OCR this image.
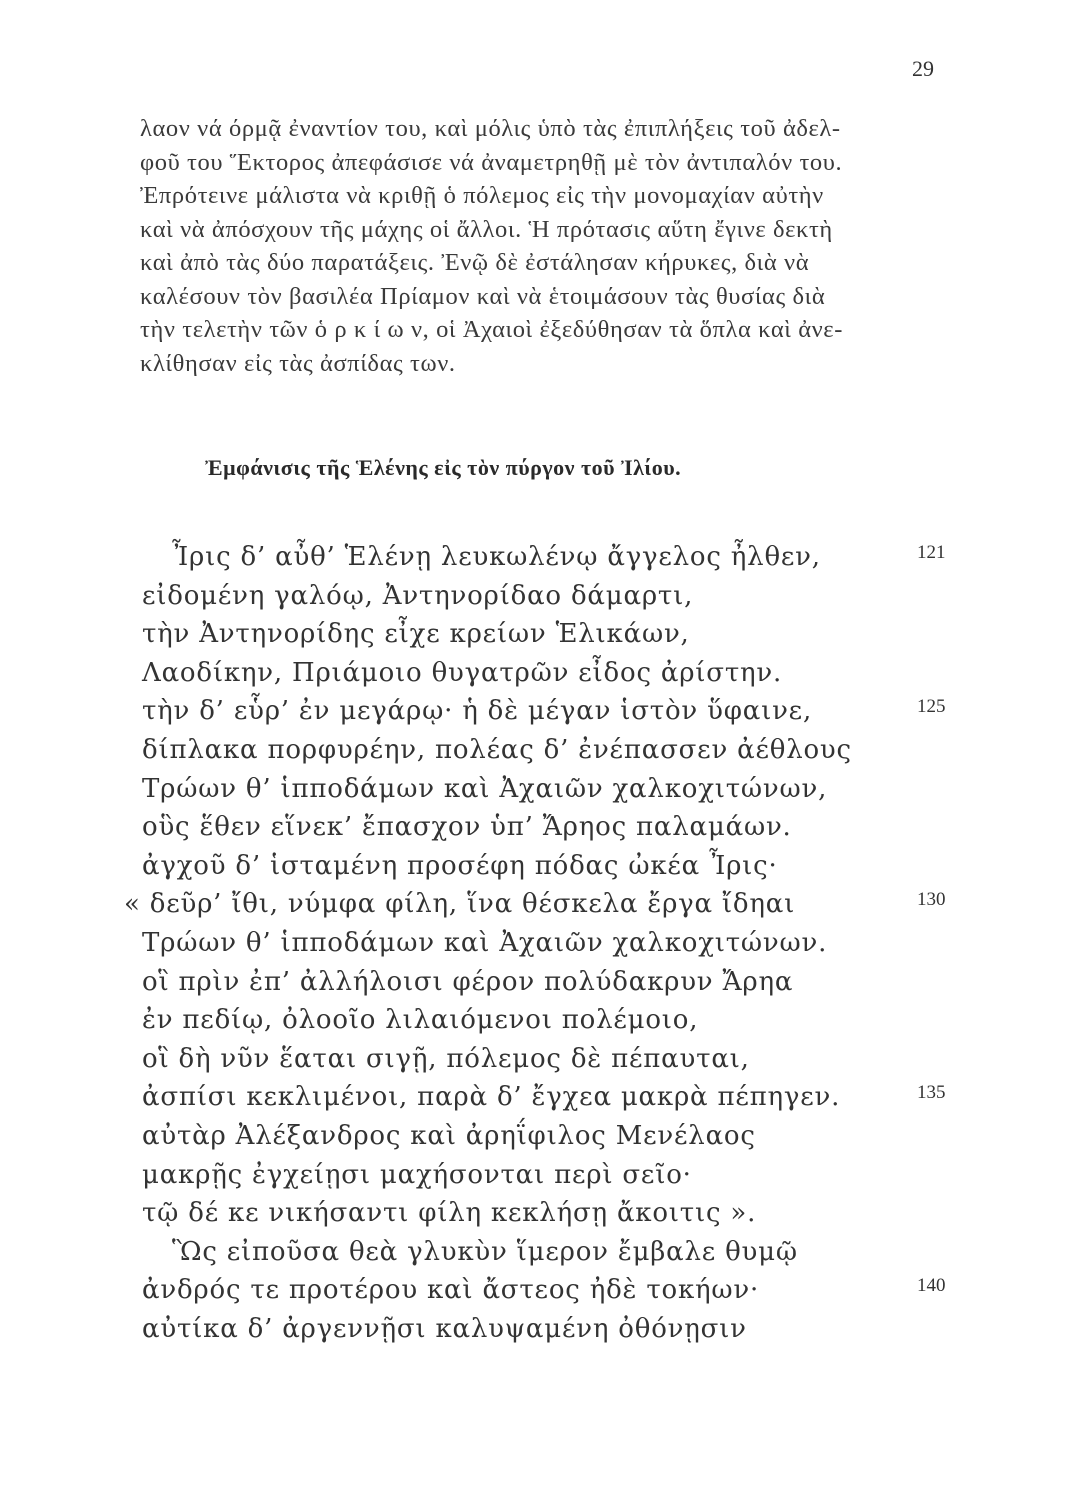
29
λαον νά όρμᾷ ἐναντίον του, καὶ μόλις ὑπὸ τὰς ἐπιπλήξεις τοῦ ἀδελ-
φοῦ του Ἕκτορος ἀπεφάσισε νά ἀναμετρηθῇ μὲ τὸν ἀντιπαλόν του.
Ἐπρότεινε μάλιστα νὰ κριθῇ ὁ πόλεμος εἰς τὴν μονομαχίαν αὐτὴν
καὶ νὰ ἀπόσχουν τῆς μάχης οἱ ἄλλοι. Ἡ πρότασις αὕτη ἔγινε δεκτὴ
καὶ ἀπὸ τὰς δύο παρατάξεις. Ἐνῷ δὲ ἐστάλησαν κήρυκες, διὰ νὰ
καλέσουν τὸν βασιλέα Πρίαμον καὶ νὰ ἑτοιμάσουν τὰς θυσίας διὰ
τὴν τελετὴν τῶν ὁ ρ κ ί ω ν, οἱ Ἀχαιοὶ ἐξεδύθησαν τὰ ὅπλα καὶ ἀνε-
κλίθησαν εἰς τὰς ἀσπίδας των.
Ἐμφάνισις τῆς Ἑλένης εἰς τὸν πύργον τοῦ Ἰλίου.
Ἶρις δ’ αὖθ’ Ἑλένῃ λευκωλένῳ ἄγγελος ἦλθεν,	121
εἰδομένη γαλόῳ, Ἀντηνορίδαο δάμαρτι,
τὴν Ἀντηνορίδης εἶχε κρείων Ἑλικάων,
Λαοδίκην, Πριάμοιο θυγατρῶν εἶδος ἀρίστην.
τὴν δ’ εὗρ’ ἐν μεγάρῳ· ἡ δὲ μέγαν ἱστὸν ὕφαινε,	125
δίπλακα πορφυρέην, πολέας δ’ ἐνέπασσεν ἀέθλους
Τρώων θ’ ἱπποδάμων καὶ Ἀχαιῶν χαλκοχιτώνων,
οὓς ἕθεν εἵνεκ’ ἔπασχον ὑπ’ Ἄρηος παλαμάων.
ἀγχοῦ δ’ ἱσταμένη προσέφη πόδας ὠκέα Ἶρις·
« δεῦρ’ ἴθι, νύμφα φίλη, ἵνα θέσκελα ἔργα ἴδηαι	130
Τρώων θ’ ἱπποδάμων καὶ Ἀχαιῶν χαλκοχιτώνων.
οἳ πρὶν ἐπ’ ἀλλήλοισι φέρον πολύδακρυν Ἄρηα
ἐν πεδίῳ, ὀλοοῖο λιλαιόμενοι πολέμοιο,
οἳ δὴ νῦν ἕαται σιγῇ, πόλεμος δὲ πέπαυται,
ἀσπίσι κεκλιμένοι, παρὰ δ’ ἔγχεα μακρὰ πέπηγεν.	135
αὐτὰρ Ἀλέξανδρος καὶ ἀρηΐφιλος Μενέλαος
μακρῇς ἐγχείῃσι μαχήσονται περὶ σεῖο·
τῷ δέ κε νικήσαντι φίλη κεκλήσῃ ἄκοιτις ».
Ὣς εἰποῦσα θεὰ γλυκὺν ἵμερον ἔμβαλε θυμῷ
ἀνδρός τε προτέρου καὶ ἄστεος ἠδὲ τοκήων·	140
αὐτίκα δ’ ἀργεννῇσι καλυψαμένη ὀθόνῃσιν
